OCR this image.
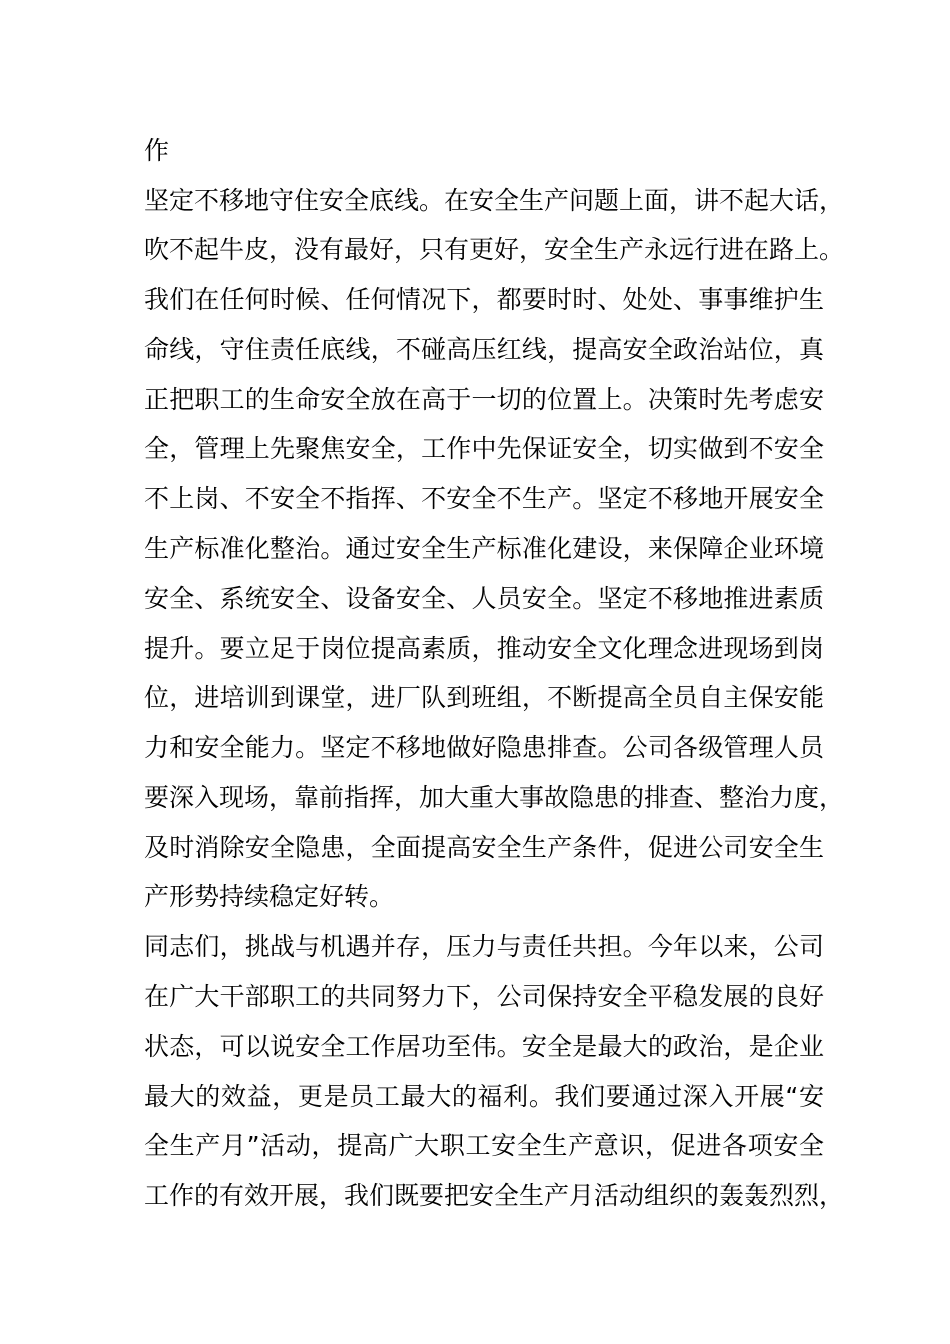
作
坚定不移地守住安全底线。在安全生产问题上面，讲不起大话，
吹不起牛皮，没有最好，只有更好，安全生产永远行进在路上。
我们在任何时候、任何情况下，都要时时、处处、事事维护生
命线，守住责任底线，不碰高压红线，提高安全政治站位，真
正把职工的生命安全放在高于一切的位置上。决策时先考虑安
全，管理上先聚焦安全，工作中先保证安全，切实做到不安全
不上岗、不安全不指挥、不安全不生产。坚定不移地开展安全
生产标准化整治。通过安全生产标准化建设，来保障企业环境
安全、系统安全、设备安全、人员安全。坚定不移地推进素质
提升。要立足于岗位提高素质，推动安全文化理念进现场到岗
位，进培训到课堂，进厂队到班组，不断提高全员自主保安能
力和安全能力。坚定不移地做好隐患排查。公司各级管理人员
要深入现场，靠前指挥，加大重大事故隐患的排查、整治力度，
及时消除安全隐患，全面提高安全生产条件，促进公司安全生
产形势持续稳定好转。
同志们，挑战与机遇并存，压力与责任共担。今年以来，公司
在广大干部职工的共同努力下，公司保持安全平稳发展的良好
状态，可以说安全工作居功至伟。安全是最大的政治，是企业
最大的效益，更是员工最大的福利。我们要通过深入开展“安
全生产月”活动，提高广大职工安全生产意识，促进各项安全
工作的有效开展，我们既要把安全生产月活动组织的轰轰烈烈，
